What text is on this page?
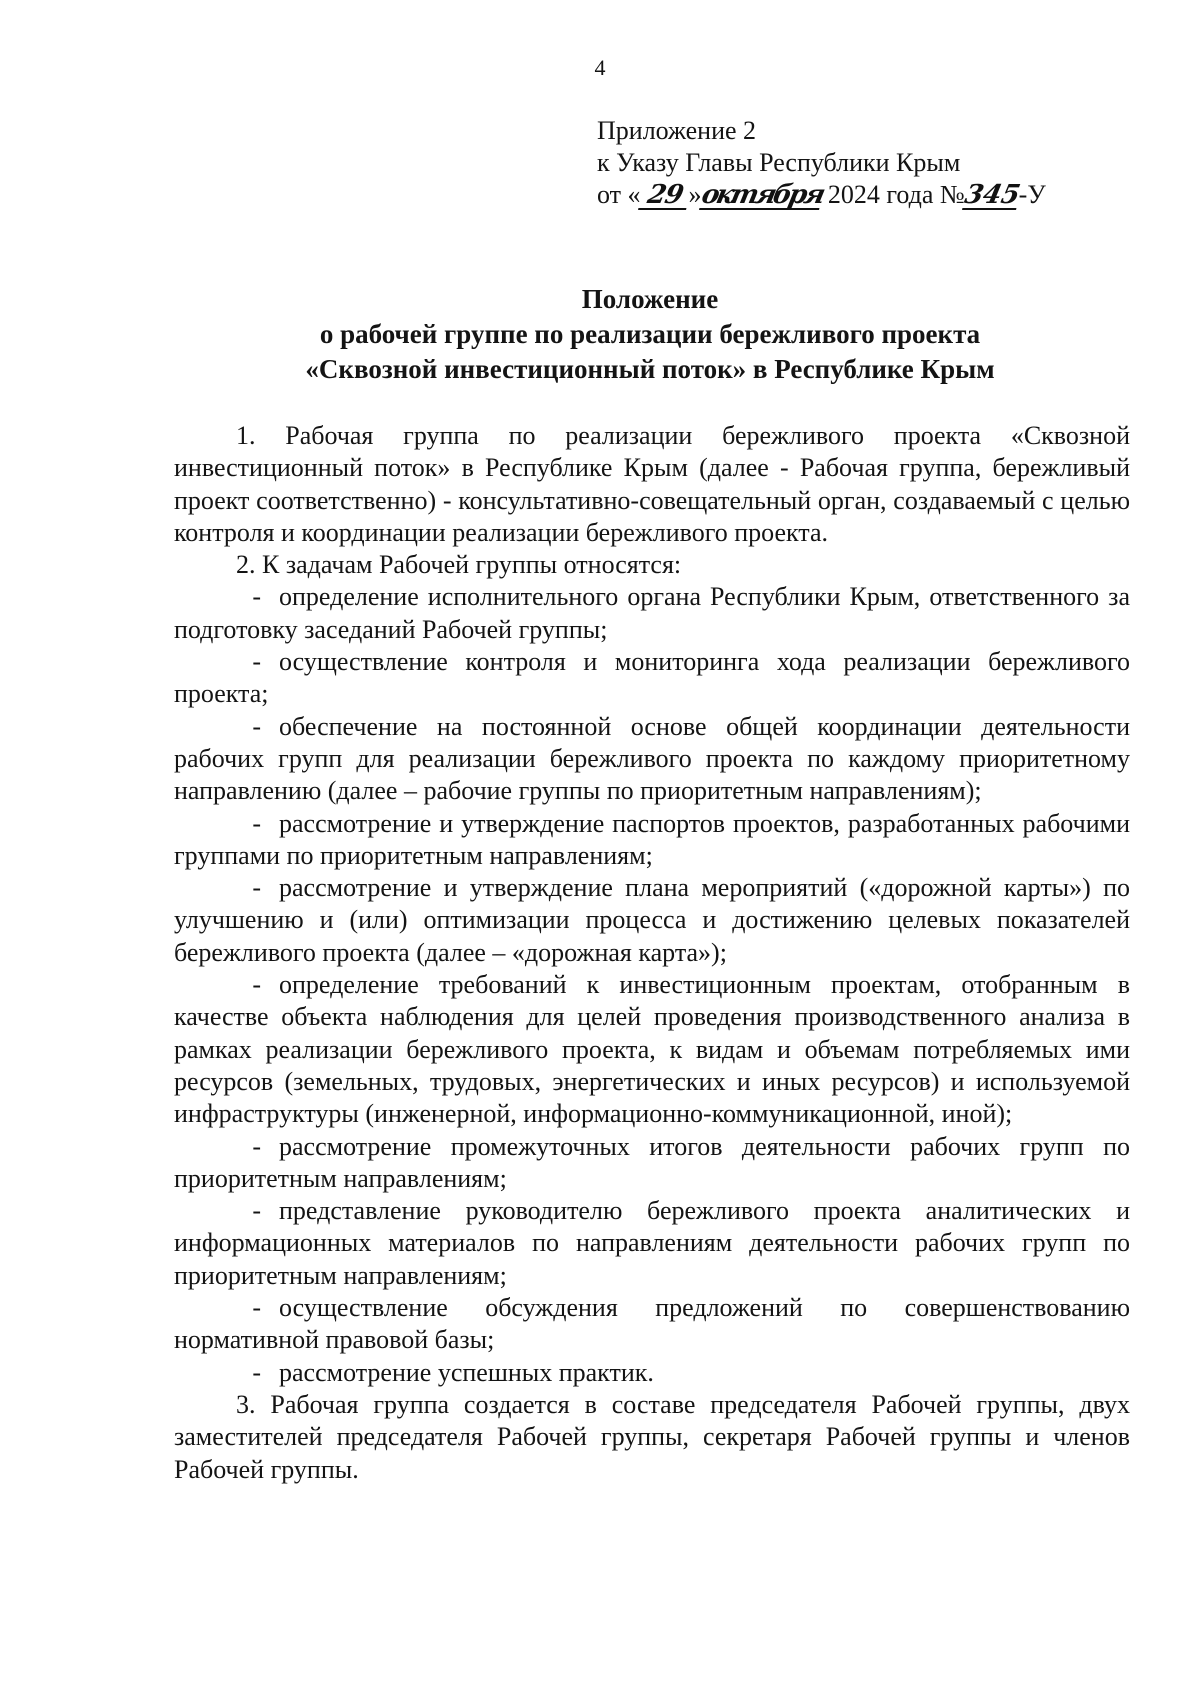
4
Приложение 2
к Указу Главы Республики Крым
от « 29 »октября 2024 года №345-У
Положение
о рабочей группе по реализации бережливого проекта
«Сквозной инвестиционный поток» в Республике Крым

1. Рабочая группа по реализации бережливого проекта «Сквозной инвестиционный поток» в Республике Крым (далее - Рабочая группа, бережливый проект соответственно) - консультативно-совещательный орган, создаваемый с целью контроля и координации реализации бережливого проекта.

2. К задачам Рабочей группы относятся:

- определение исполнительного органа Республики Крым, ответственного за подготовку заседаний Рабочей группы;

- осуществление контроля и мониторинга хода реализации бережливого проекта;

- обеспечение на постоянной основе общей координации деятельности рабочих групп для реализации бережливого проекта по каждому приоритетному направлению (далее – рабочие группы по приоритетным направлениям);

- рассмотрение и утверждение паспортов проектов, разработанных рабочими группами по приоритетным направлениям;

- рассмотрение и утверждение плана мероприятий («дорожной карты») по улучшению и (или) оптимизации процесса и достижению целевых показателей бережливого проекта (далее – «дорожная карта»);

- определение требований к инвестиционным проектам, отобранным в качестве объекта наблюдения для целей проведения производственного анализа в рамках реализации бережливого проекта, к видам и объемам потребляемых ими ресурсов (земельных, трудовых, энергетических и иных ресурсов) и используемой инфраструктуры (инженерной, информационно-коммуникационной, иной);

- рассмотрение промежуточных итогов деятельности рабочих групп по приоритетным направлениям;

- представление руководителю бережливого проекта аналитических и информационных материалов по направлениям деятельности рабочих групп по приоритетным направлениям;

- осуществление обсуждения предложений по совершенствованию нормативной правовой базы;

- рассмотрение успешных практик.

3. Рабочая группа создается в составе председателя Рабочей группы, двух заместителей председателя Рабочей группы, секретаря Рабочей группы и членов Рабочей группы.
